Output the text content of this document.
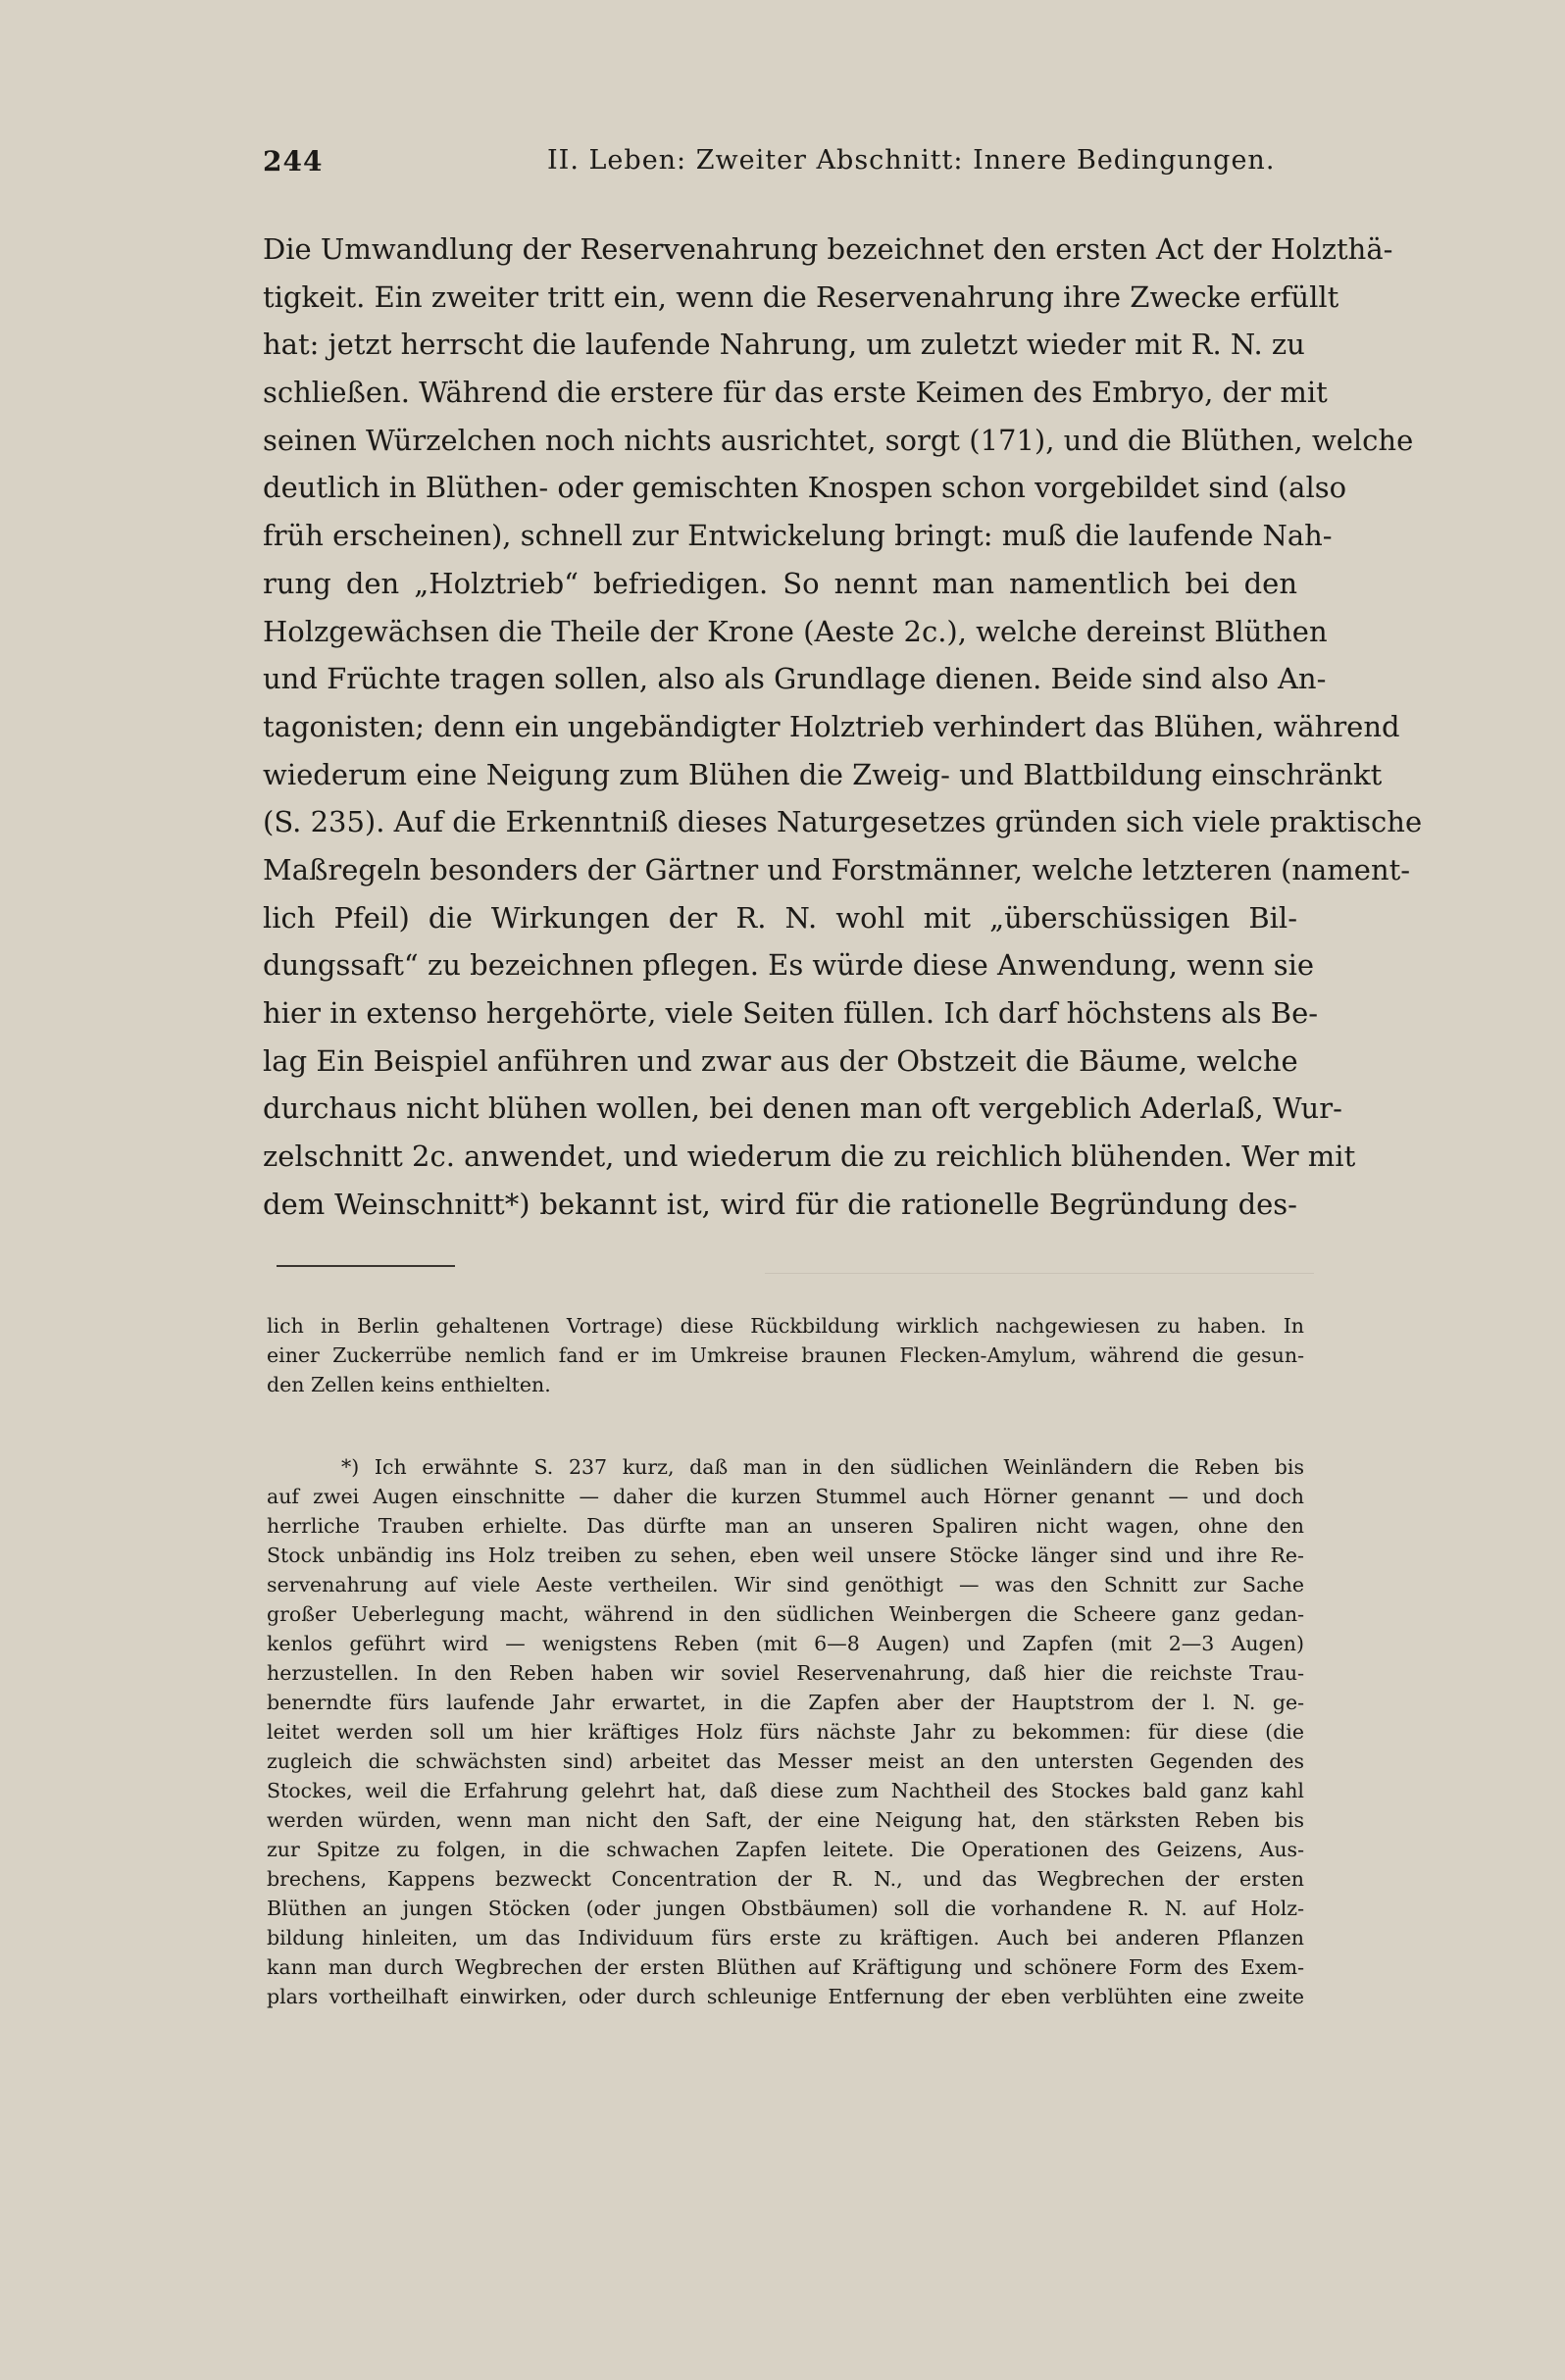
244	II. Leben: Zweiter Abschnitt: Innere Bedingungen.
Die Umwandlung der Reservenahrung bezeichnet den ersten Act der Holzthä-
tigkeit. Ein zweiter tritt ein, wenn die Reservenahrung ihre Zwecke erfüllt
hat: jetzt herrscht die laufende Nahrung, um zuletzt wieder mit R. N. zu
schließen. Während die erstere für das erste Keimen des Embryo, der mit
seinen Würzelchen noch nichts ausrichtet, sorgt (171), und die Blüthen, welche
deutlich in Blüthen- oder gemischten Knospen schon vorgebildet sind (also
früh erscheinen), schnell zur Entwickelung bringt: muß die laufende Nah-
rung den „Holztrieb“ befriedigen. So nennt man namentlich bei den
Holzgewächsen die Theile der Krone (Aeste 2c.), welche dereinst Blüthen
und Früchte tragen sollen, also als Grundlage dienen. Beide sind also An-
tagonisten; denn ein ungebändigter Holztrieb verhindert das Blühen, während
wiederum eine Neigung zum Blühen die Zweig- und Blattbildung einschränkt
(S. 235). Auf die Erkenntniß dieses Naturgesetzes gründen sich viele praktische
Maßregeln besonders der Gärtner und Forstmänner, welche letzteren (nament-
lich Pfeil) die Wirkungen der R. N. wohl mit „überschüssigen Bil-
dungssaft“ zu bezeichnen pflegen. Es würde diese Anwendung, wenn sie
hier in extenso hergehörte, viele Seiten füllen. Ich darf höchstens als Be-
lag Ein Beispiel anführen und zwar aus der Obstzeit die Bäume, welche
durchaus nicht blühen wollen, bei denen man oft vergeblich Aderlaß, Wur-
zelschnitt 2c. anwendet, und wiederum die zu reichlich blühenden. Wer mit
dem Weinschnitt*) bekannt ist, wird für die rationelle Begründung des-
lich in Berlin gehaltenen Vortrage) diese Rückbildung wirklich nachgewiesen zu haben. In
einer Zuckerrübe nemlich fand er im Umkreise braunen Flecken-Amylum, während die gesun-
den Zellen keins enthielten.
*) Ich erwähnte S. 237 kurz, daß man in den südlichen Weinländern die Reben bis
auf zwei Augen einschnitte — daher die kurzen Stummel auch Hörner genannt — und doch
herrliche Trauben erhielte. Das dürfte man an unseren Spaliren nicht wagen, ohne den
Stock unbändig ins Holz treiben zu sehen, eben weil unsere Stöcke länger sind und ihre Re-
servenahrung auf viele Aeste vertheilen. Wir sind genöthigt — was den Schnitt zur Sache
großer Ueberlegung macht, während in den südlichen Weinbergen die Scheere ganz gedan-
kenlos geführt wird — wenigstens Reben (mit 6—8 Augen) und Zapfen (mit 2—3 Augen)
herzustellen. In den Reben haben wir soviel Reservenahrung, daß hier die reichste Trau-
benerndte fürs laufende Jahr erwartet, in die Zapfen aber der Hauptstrom der l. N. ge-
leitet werden soll um hier kräftiges Holz fürs nächste Jahr zu bekommen: für diese (die
zugleich die schwächsten sind) arbeitet das Messer meist an den untersten Gegenden des
Stockes, weil die Erfahrung gelehrt hat, daß diese zum Nachtheil des Stockes bald ganz kahl
werden würden, wenn man nicht den Saft, der eine Neigung hat, den stärksten Reben bis
zur Spitze zu folgen, in die schwachen Zapfen leitete. Die Operationen des Geizens, Aus-
brechens, Kappens bezweckt Concentration der R. N., und das Wegbrechen der ersten
Blüthen an jungen Stöcken (oder jungen Obstbäumen) soll die vorhandene R. N. auf Holz-
bildung hinleiten, um das Individuum fürs erste zu kräftigen. Auch bei anderen Pflanzen
kann man durch Wegbrechen der ersten Blüthen auf Kräftigung und schönere Form des Exem-
plars vortheilhaft einwirken, oder durch schleunige Entfernung der eben verblühten eine zweite
